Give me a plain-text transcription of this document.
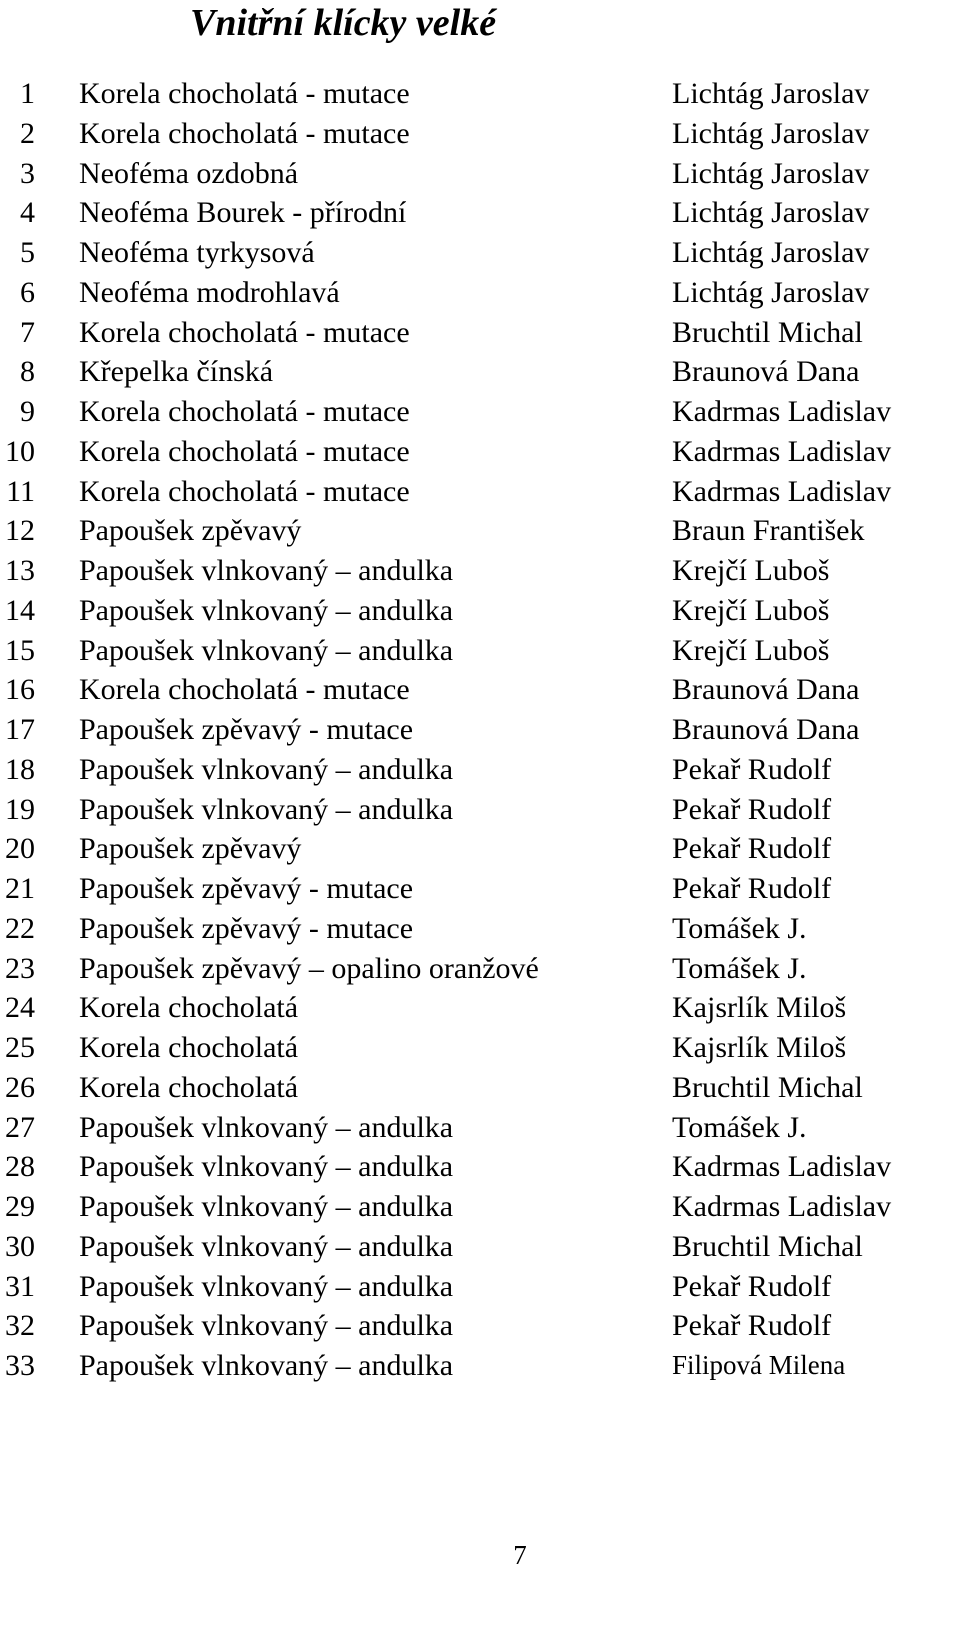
Vnitřní klícky velké
1 Korela chocholatá - mutace	Lichtág Jaroslav
2 Korela chocholatá - mutace	Lichtág Jaroslav
3 Neoféma ozdobná	Lichtág Jaroslav
4 Neoféma Bourek - přírodní	Lichtág Jaroslav
5 Neoféma tyrkysová	Lichtág Jaroslav
6 Neoféma modrohlavá	Lichtág Jaroslav
7 Korela chocholatá - mutace	Bruchtil Michal
8 Křepelka čínská	Braunová Dana
9 Korela chocholatá - mutace	Kadrmas Ladislav
10 Korela chocholatá - mutace	Kadrmas Ladislav
11 Korela chocholatá - mutace	Kadrmas Ladislav
12 Papoušek zpěvavý	Braun František
13 Papoušek vlnkovaný – andulka	Krejčí Luboš
14 Papoušek vlnkovaný – andulka	Krejčí Luboš
15 Papoušek vlnkovaný – andulka	Krejčí Luboš
16 Korela chocholatá - mutace	Braunová Dana
17 Papoušek zpěvavý - mutace	Braunová Dana
18 Papoušek vlnkovaný – andulka	Pekař Rudolf
19 Papoušek vlnkovaný – andulka	Pekař Rudolf
20 Papoušek zpěvavý	Pekař Rudolf
21 Papoušek zpěvavý - mutace	Pekař Rudolf
22 Papoušek zpěvavý - mutace	Tomášek J.
23 Papoušek zpěvavý – opalino oranžové	Tomášek J.
24 Korela chocholatá	Kajsrlík Miloš
25 Korela chocholatá	Kajsrlík Miloš
26 Korela chocholatá	Bruchtil Michal
27 Papoušek vlnkovaný – andulka	Tomášek J.
28 Papoušek vlnkovaný – andulka	Kadrmas Ladislav
29 Papoušek vlnkovaný – andulka	Kadrmas Ladislav
30 Papoušek vlnkovaný – andulka	Bruchtil Michal
31 Papoušek vlnkovaný – andulka	Pekař Rudolf
32 Papoušek vlnkovaný – andulka	Pekař Rudolf
33 Papoušek vlnkovaný – andulka	Filipová Milena
7
